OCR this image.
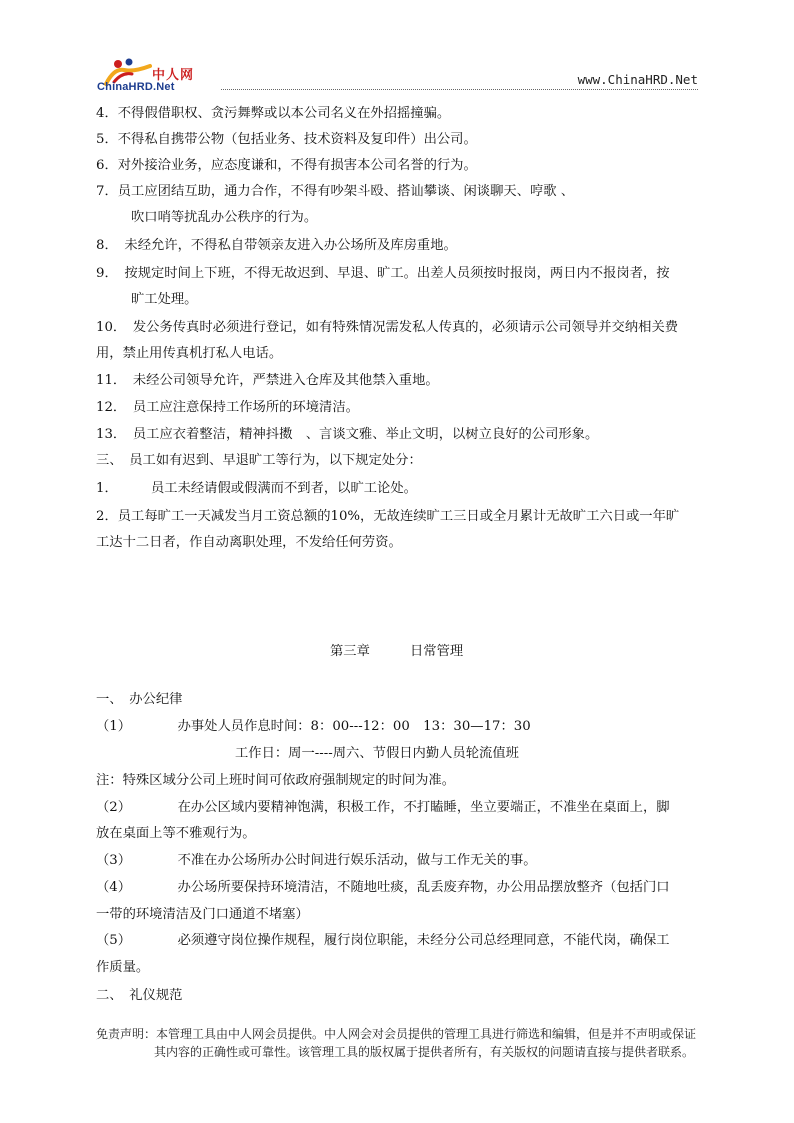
中人网
ChinaHRD.Net	www.ChinaHRD.Net
4．不得假借职权、贪污舞弊或以本公司名义在外招摇撞骗。
5．不得私自携带公物（包括业务、技术资料及复印件）出公司。
6．对外接洽业务，应态度谦和，不得有损害本公司名誉的行为。
7．员工应团结互助，通力合作，不得有吵架斗殴、搭讪攀谈、闲谈聊天、哼歌 、
吹口哨等扰乱办公秩序的行为。
8．　未经允许，不得私自带领亲友进入办公场所及库房重地。
9．　按规定时间上下班，不得无故迟到、早退、旷工。出差人员须按时报岗，两日内不报岗者，按
旷工处理。
10．　发公务传真时必须进行登记，如有特殊情况需发私人传真的，必须请示公司领导并交纳相关费
用，禁止用传真机打私人电话。
11．　未经公司领导允许，严禁进入仓库及其他禁入重地。
12．　员工应注意保持工作场所的环境清洁。
13．　员工应衣着整洁，精神抖擞　、言谈文雅、举止文明，以树立良好的公司形象。
三、　员工如有迟到、早退旷工等行为，以下规定处分：
1．　　　员工未经请假或假满而不到者，以旷工论处。
2．员工每旷工一天减发当月工资总额的10%，无故连续旷工三日或全月累计无故旷工六日或一年旷
工达十二日者，作自动离职处理，不发给任何劳资。
第三章	日常管理
一、　办公纪律
（1）　　　　办事处人员作息时间：8：00---12：00　13：30—17：30
工作日：周一----周六、节假日内勤人员轮流值班
注：特殊区域分公司上班时间可依政府强制规定的时间为准。
（2）　　　　在办公区域内要精神饱满，积极工作，不打瞌睡，坐立要端正，不准坐在桌面上，脚
放在桌面上等不雅观行为。
（3）　　　　不准在办公场所办公时间进行娱乐活动，做与工作无关的事。
（4）　　　　办公场所要保持环境清洁，不随地吐痰，乱丢废弃物，办公用品摆放整齐（包括门口
一带的环境清洁及门口通道不堵塞）
（5）　　　　必须遵守岗位操作规程，履行岗位职能，未经分公司总经理同意，不能代岗，确保工
作质量。
二、　礼仪规范
免责声明：本管理工具由中人网会员提供。中人网会对会员提供的管理工具进行筛选和编辑，但是并不声明或保证
其内容的正确性或可靠性。该管理工具的版权属于提供者所有，有关版权的问题请直接与提供者联系。
